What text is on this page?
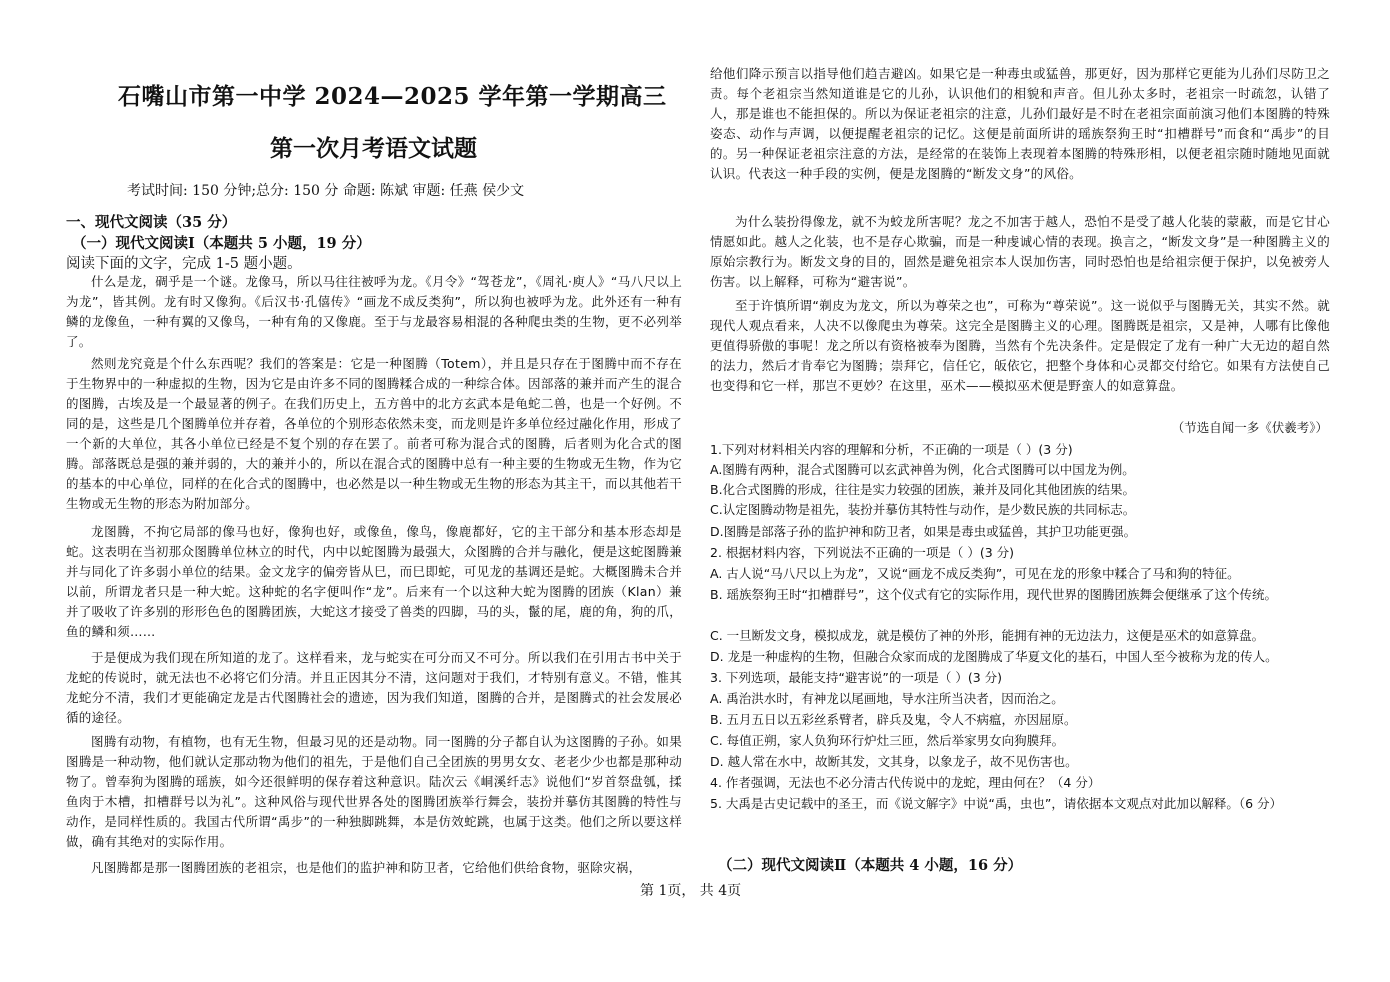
石嘴山市第一中学 2024—2025 学年第一学期高三
第一次月考语文试题
考试时间: 150 分钟;总分: 150 分 命题: 陈斌 审题: 任燕 侯少文
一、现代文阅读（35 分）
（一）现代文阅读Ⅰ（本题共 5 小题，19 分）
阅读下面的文字，完成 1-5 题小题。

什么是龙，碉乎是一个谜。龙像马，所以马往往被呼为龙。《月令》“驾苍龙”，《周礼·庾人》“马八尺以上为龙”，皆其例。龙有时又像狗。《后汉书·孔僖传》“画龙不成反类狗”，所以狗也被呼为龙。此外还有一种有鳞的龙像鱼，一种有翼的又像鸟，一种有角的又像鹿。至于与龙最容易相混的各种爬虫类的生物，更不必列举了。

然则龙究竟是个什么东西呢？我们的答案是：它是一种图腾（Totem），并且是只存在于图腾中而不存在于生物界中的一种虚拟的生物，因为它是由许多不同的图腾糅合成的一种综合体。因部落的兼并而产生的混合的图腾，古埃及是一个最显著的例子。在我们历史上，五方兽中的北方玄武本是龟蛇二兽，也是一个好例。不同的是，这些是几个图腾单位并存着，各单位的个别形态依然未变，而龙则是许多单位经过融化作用，形成了一个新的大单位，其各小单位已经是不复个别的存在罢了。前者可称为混合式的图腾，后者则为化合式的图腾。部落既总是强的兼并弱的，大的兼并小的，所以在混合式的图腾中总有一种主要的生物或无生物，作为它的基本的中心单位，同样的在化合式的图腾中，也必然是以一种生物或无生物的形态为其主干，而以其他若干生物或无生物的形态为附加部分。

龙图腾，不拘它局部的像马也好，像狗也好，或像鱼，像鸟，像鹿都好，它的主干部分和基本形态却是蛇。这表明在当初那众图腾单位林立的时代，内中以蛇图腾为最强大，众图腾的合并与融化，便是这蛇图腾兼并与同化了许多弱小单位的结果。金文龙字的偏旁皆从巳，而巳即蛇，可见龙的基调还是蛇。大概图腾未合并以前，所谓龙者只是一种大蛇。这种蛇的名字便叫作“龙”。后来有一个以这种大蛇为图腾的团族（Klan）兼并了吸收了许多别的形形色色的图腾团族，大蛇这才接受了兽类的四脚，马的头，鬣的尾，鹿的角，狗的爪，鱼的鳞和须……

于是便成为我们现在所知道的龙了。这样看来，龙与蛇实在可分而又不可分。所以我们在引用古书中关于龙蛇的传说时，就无法也不必将它们分清。并且正因其分不清，这问题对于我们，才特别有意义。不错，惟其龙蛇分不清，我们才更能确定龙是古代图腾社会的遗迹，因为我们知道，图腾的合并，是图腾式的社会发展必循的途径。

图腾有动物，有植物，也有无生物，但最习见的还是动物。同一图腾的分子都自认为这图腾的子孙。如果图腾是一种动物，他们就认定那动物为他们的祖先，于是他们自己全团族的男男女女、老老少少也都是那种动物了。曾奉狗为图腾的瑶族，如今还很鲜明的保存着这种意识。陆次云《峒溪纤志》说他们“岁首祭盘瓠，揉鱼肉于木槽，扣槽群号以为礼”。这种风俗与现代世界各处的图腾团族举行舞会，装扮并摹仿其图腾的特性与动作，是同样性质的。我国古代所谓“禹步”的一种独脚跳舞，本是仿效蛇跳，也属于这类。他们之所以要这样做，确有其绝对的实际作用。

凡图腾都是那一图腾团族的老祖宗，也是他们的监护神和防卫者，它给他们供给食物，驱除灾祸，

给他们降示预言以指导他们趋吉避凶。如果它是一种毒虫或猛兽，那更好，因为那样它更能为儿孙们尽防卫之责。每个老祖宗当然知道谁是它的儿孙，认识他们的相貌和声音。但儿孙太多时，老祖宗一时疏忽，认错了人，那是谁也不能担保的。所以为保证老祖宗的注意，儿孙们最好是不时在老祖宗面前演习他们本图腾的特殊姿态、动作与声调，以便提醒老祖宗的记忆。这便是前面所讲的瑶族祭狗王时“扣槽群号”而食和“禹步”的目的。另一种保证老祖宗注意的方法，是经常的在装饰上表现着本图腾的特殊形相，以便老祖宗随时随地见面就认识。代表这一种手段的实例，便是龙图腾的“断发文身”的风俗。

为什么装扮得像龙，就不为蛟龙所害呢？龙之不加害于越人，恐怕不是受了越人化装的蒙蔽，而是它甘心情愿如此。越人之化装，也不是存心欺骗，而是一种虔诚心情的表现。换言之，“断发文身”是一种图腾主义的原始宗教行为。断发文身的目的，固然是避免祖宗本人误加伤害，同时恐怕也是给祖宗便于保护，以免被旁人伤害。以上解释，可称为“避害说”。

至于许慎所谓“剃皮为龙文，所以为尊荣之也”，可称为“尊荣说”。这一说似乎与图腾无关，其实不然。就现代人观点看来，人决不以像爬虫为尊荣。这完全是图腾主义的心理。图腾既是祖宗，又是神，人哪有比像他更值得骄傲的事呢！龙之所以有资格被奉为图腾，当然有个先决条件。定是假定了龙有一种广大无边的超自然的法力，然后才肯奉它为图腾；崇拜它，信任它，皈依它，把整个身体和心灵都交付给它。如果有方法使自己也变得和它一样，那岂不更妙？在这里，巫术——模拟巫术便是野蛮人的如意算盘。

（节选自闻一多《伏羲考》）

1.下列对材料相关内容的理解和分析，不正确的一项是（ ）(3 分)

A.图腾有两种，混合式图腾可以玄武神兽为例，化合式图腾可以中国龙为例。

B.化合式图腾的形成，往往是实力较强的团族，兼并及同化其他团族的结果。

C.认定图腾动物是祖先，装扮并摹仿其特性与动作，是少数民族的共同标志。

D.图腾是部落子孙的监护神和防卫者，如果是毒虫或猛兽，其护卫功能更强。

2. 根据材料内容，下列说法不正确的一项是（ ）(3 分)

A. 古人说“马八尺以上为龙”，又说“画龙不成反类狗”，可见在龙的形象中糅合了马和狗的特征。

B. 瑶族祭狗王时“扣槽群号”，这个仪式有它的实际作用，现代世界的图腾团族舞会便继承了这个传统。

C. 一旦断发文身，模拟成龙，就是模仿了神的外形，能拥有神的无边法力，这便是巫术的如意算盘。

D. 龙是一种虚构的生物，但融合众家而成的龙图腾成了华夏文化的基石，中国人至今被称为龙的传人。

3. 下列选项，最能支持“避害说”的一项是（ ）(3 分)

A. 禹治洪水时，有神龙以尾画地，导水注所当决者，因而治之。

B. 五月五日以五彩丝系臂者，辟兵及鬼，令人不病瘟，亦因屈原。

C. 每值正朔，家人负狗环行炉灶三匝，然后举家男女向狗膜拜。

D. 越人常在水中，故断其发，文其身，以象龙子，故不见伤害也。

4. 作者强调，无法也不必分清古代传说中的龙蛇，理由何在？（4 分）

5. 大禹是古史记载中的圣王，而《说文解字》中说“禹，虫也”，请依据本文观点对此加以解释。（6 分）

（二）现代文阅读Ⅱ（本题共 4 小题，16 分）
第 1页， 共 4页
